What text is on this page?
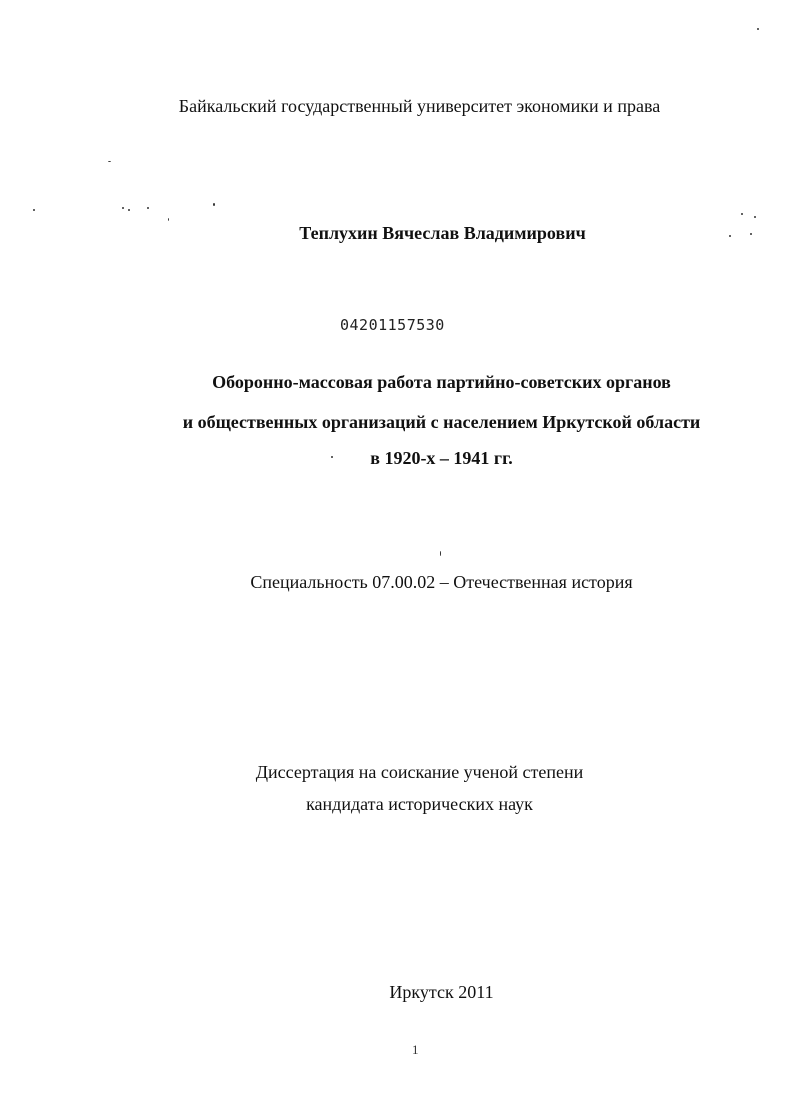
Байкальский государственный университет экономики и права
Теплухин Вячеслав Владимирович
04201157530
Оборонно-массовая работа партийно-советских органов
и общественных организаций с населением Иркутской области
в 1920-х – 1941 гг.
Специальность 07.00.02 – Отечественная история
Диссертация на соискание ученой степени
кандидата исторических наук
Иркутск 2011
1
